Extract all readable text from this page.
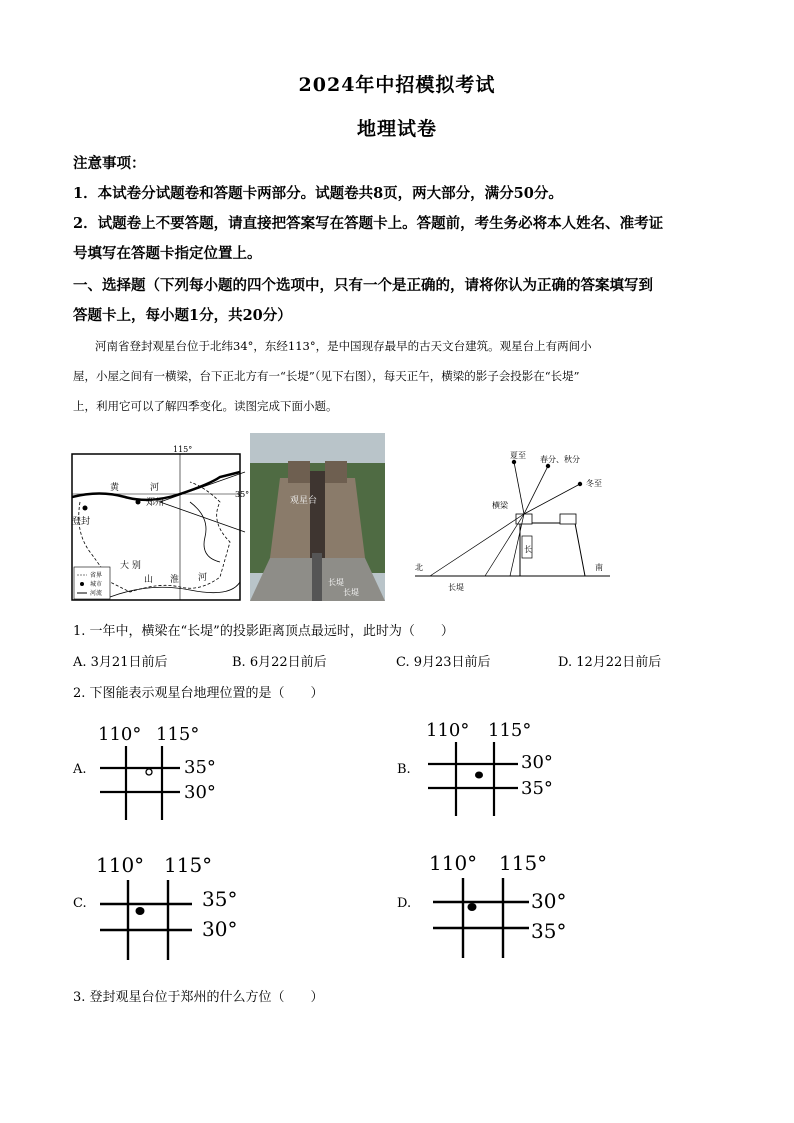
2024年中招模拟考试
地理试卷
注意事项：
1．本试卷分试题卷和答题卡两部分。试题卷共8页，两大部分，满分50分。
2．试题卷上不要答题，请直接把答案写在答题卡上。答题前，考生务必将本人姓名、准考证
号填写在答题卡指定位置上。
一、选择题（下列每小题的四个选项中，只有一个是正确的，请将你认为正确的答案填写到
答题卡上，每小题1分，共20分）
河南省登封观星台位于北纬34°，东经113°，是中国现存最早的古天文台建筑。观星台上有两间小
屋，小屋之间有一横梁，台下正北方有一“长堤”（见下右图），每天正午，横梁的影子会投影在“长堤”
上，利用它可以了解四季变化。读图完成下面小题。
115°
35°
黄	河
郑州
登封
大 别
山 淮 河
省界
城市
河流
观星台
长堤
长堤
夏至 春分、秋分
冬至
横梁
长
北	南
长堤
1. 一年中，横梁在“长堤”的投影距离顶点最远时，此时为（　　）
A. 3月21日前后	B. 6月22日前后	C. 9月23日前后	D. 12月22日前后
2. 下图能表示观星台地理位置的是（　　）
A.
110° 115°
35°
30°
B.
110° 115°
30°
35°
C.
110° 115°
35°
30°
D.
110° 115°
30°
35°
3. 登封观星台位于郑州的什么方位（　　）
